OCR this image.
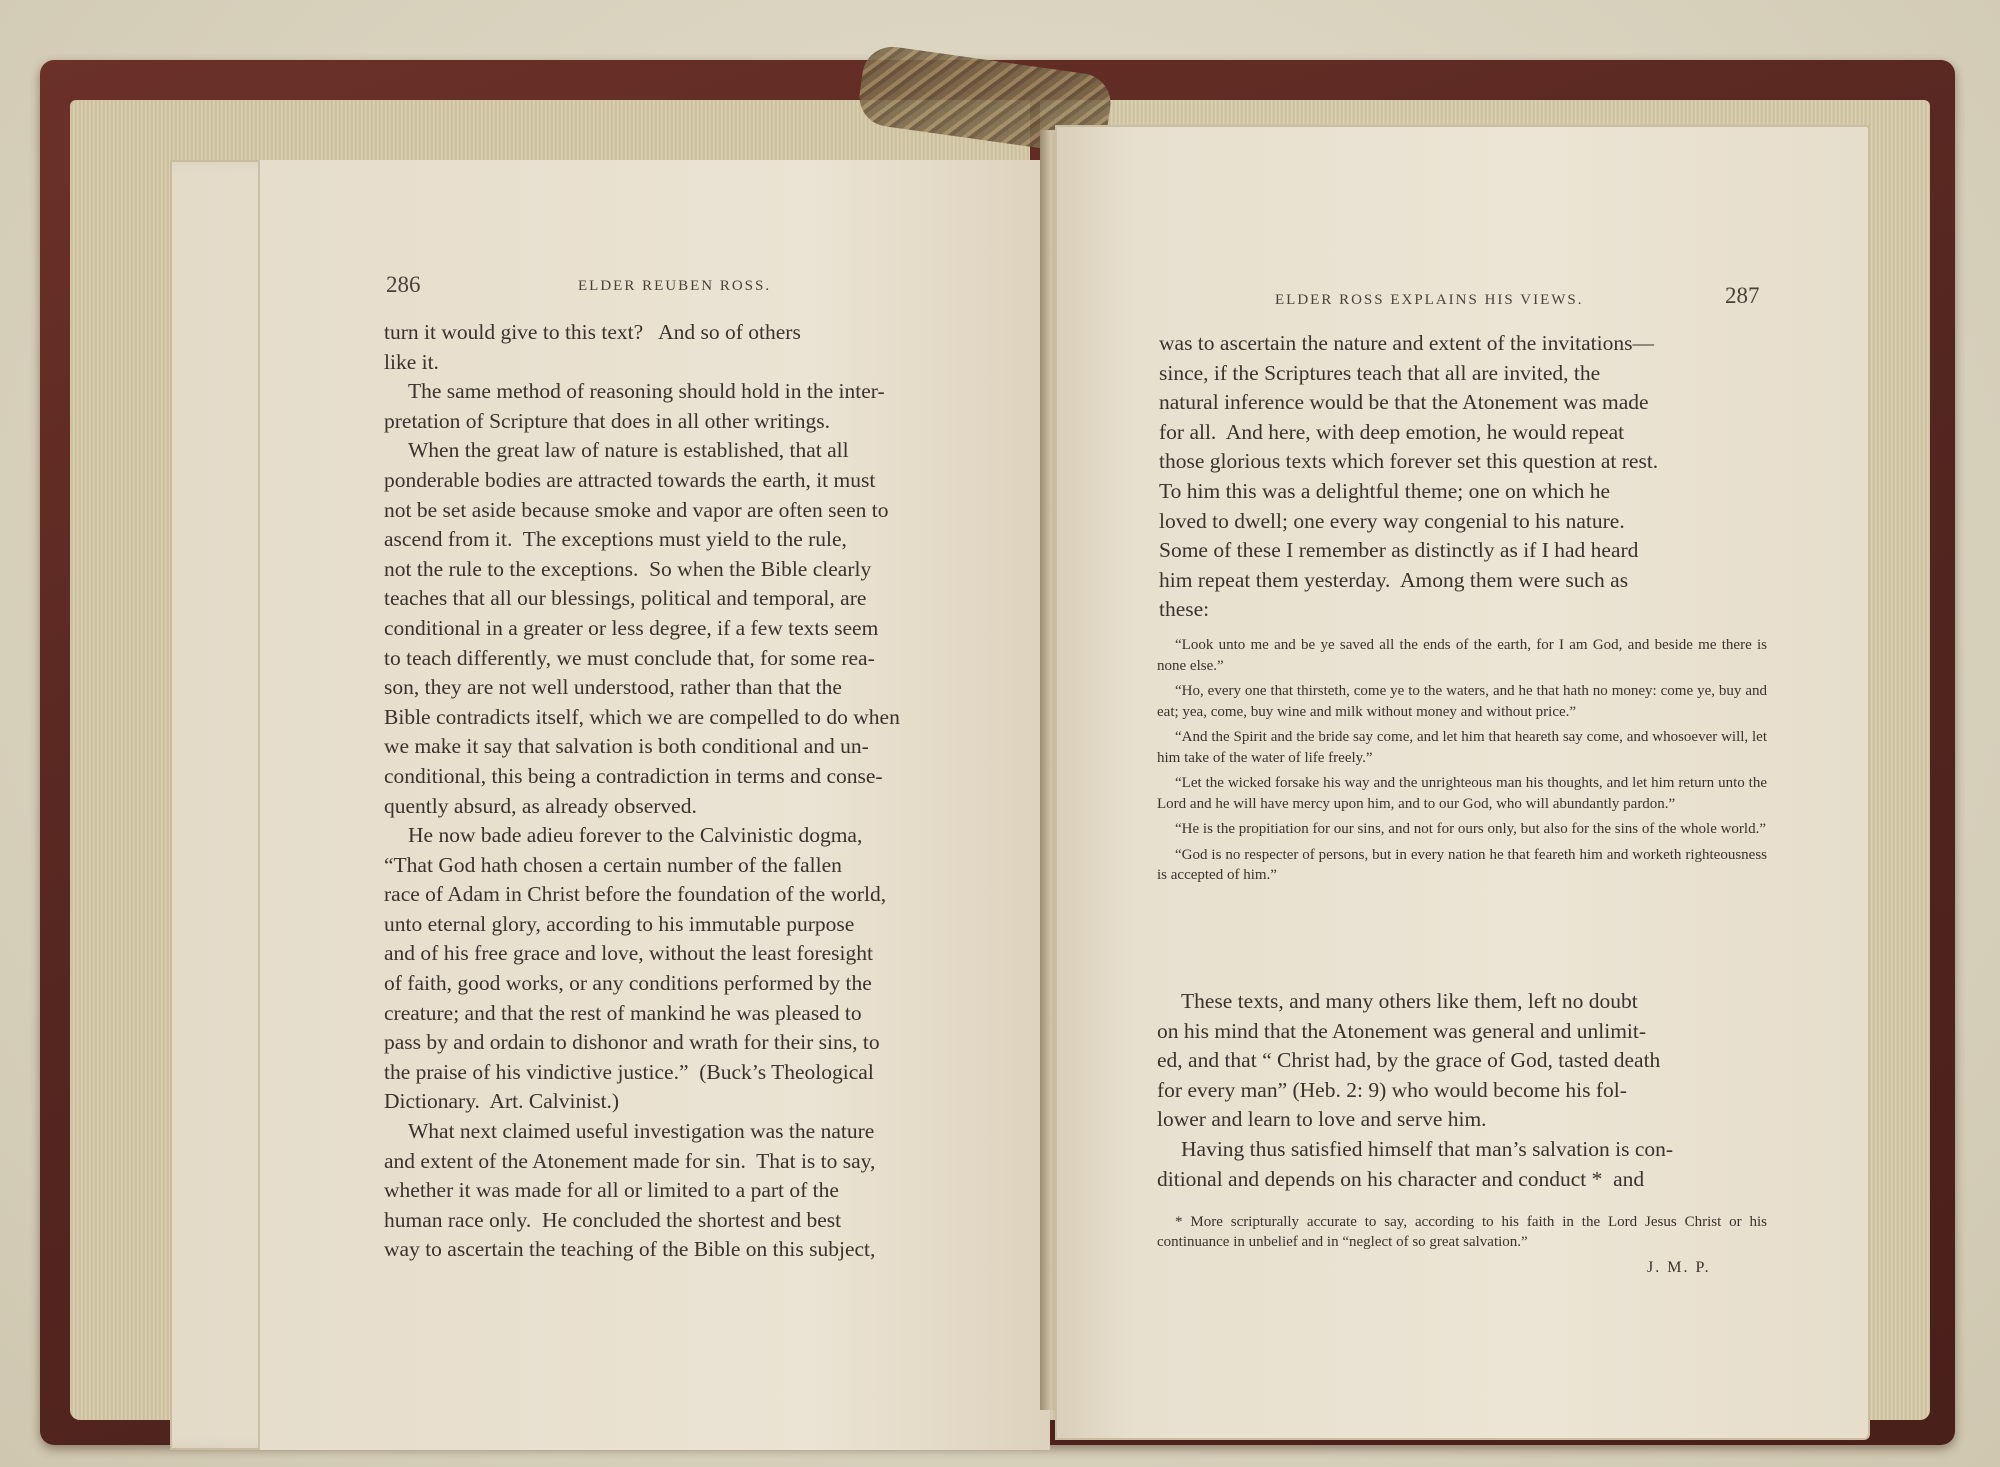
286	ELDER REUBEN ROSS.
turn it would give to this text?   And so of others
like it.
The same method of reasoning should hold in the inter-
pretation of Scripture that does in all other writings.
When the great law of nature is established, that all
ponderable bodies are attracted towards the earth, it must
not be set aside because smoke and vapor are often seen to
ascend from it.  The exceptions must yield to the rule,
not the rule to the exceptions.  So when the Bible clearly
teaches that all our blessings, political and temporal, are
conditional in a greater or less degree, if a few texts seem
to teach differently, we must conclude that, for some rea-
son, they are not well understood, rather than that the
Bible contradicts itself, which we are compelled to do when
we make it say that salvation is both conditional and un-
conditional, this being a contradiction in terms and conse-
quently absurd, as already observed.
He now bade adieu forever to the Calvinistic dogma,
“That God hath chosen a certain number of the fallen
race of Adam in Christ before the foundation of the world,
unto eternal glory, according to his immutable purpose
and of his free grace and love, without the least foresight
of faith, good works, or any conditions performed by the
creature; and that the rest of mankind he was pleased to
pass by and ordain to dishonor and wrath for their sins, to
the praise of his vindictive justice.”  (Buck’s Theological
Dictionary.  Art. Calvinist.)
What next claimed useful investigation was the nature
and extent of the Atonement made for sin.  That is to say,
whether it was made for all or limited to a part of the
human race only.  He concluded the shortest and best
way to ascertain the teaching of the Bible on this subject,
ELDER ROSS EXPLAINS HIS VIEWS.	287
was to ascertain the nature and extent of the invitations—
since, if the Scriptures teach that all are invited, the
natural inference would be that the Atonement was made
for all.  And here, with deep emotion, he would repeat
those glorious texts which forever set this question at rest.
To him this was a delightful theme; one on which he
loved to dwell; one every way congenial to his nature.
Some of these I remember as distinctly as if I had heard
him repeat them yesterday.  Among them were such as
these:

“Look unto me and be ye saved all the ends of the earth, for I am God, and beside me there is none else.”

“Ho, every one that thirsteth, come ye to the waters, and he that hath no money: come ye, buy and eat; yea, come, buy wine and milk without money and without price.”

“And the Spirit and the bride say come, and let him that heareth say come, and whosoever will, let him take of the water of life freely.”

“Let the wicked forsake his way and the unrighteous man his thoughts, and let him return unto the Lord and he will have mercy upon him, and to our God, who will abundantly pardon.”

“He is the propitiation for our sins, and not for ours only, but also for the sins of the whole world.”

“God is no respecter of persons, but in every nation he that feareth him and worketh righteousness is accepted of him.”

These texts, and many others like them, left no doubt
on his mind that the Atonement was general and unlimit-
ed, and that “ Christ had, by the grace of God, tasted death
for every man” (Heb. 2: 9) who would become his fol-
lower and learn to love and serve him.
Having thus satisfied himself that man’s salvation is con-
ditional and depends on his character and conduct *  and

* More scripturally accurate to say, according to his faith in the Lord Jesus Christ or his continuance in unbelief and in “neglect of so great salvation.”

J. M. P.
